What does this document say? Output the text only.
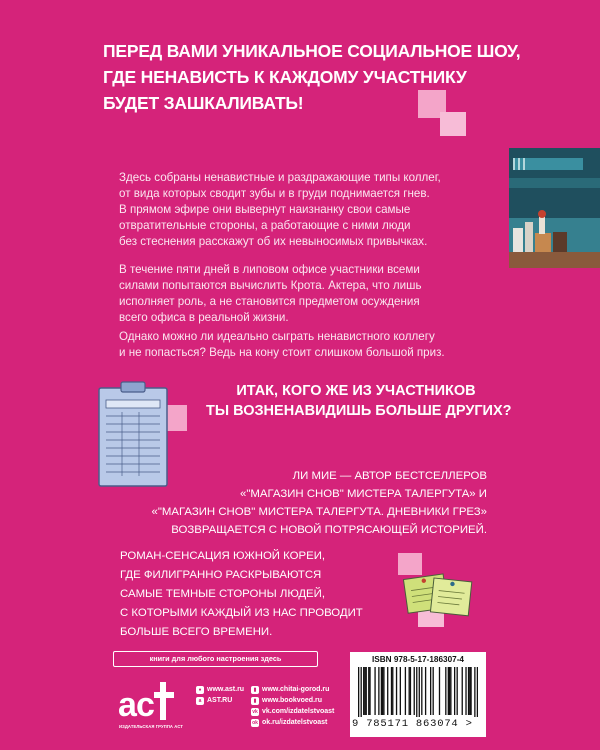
ПЕРЕД ВАМИ УНИКАЛЬНОЕ СОЦИАЛЬНОЕ ШОУ,
ГДЕ НЕНАВИСТЬ К КАЖДОМУ УЧАСТНИКУ
БУДЕТ ЗАШКАЛИВАТЬ!
Здесь собраны ненавистные и раздражающие типы коллег,
от вида которых сводит зубы и в груди поднимается гнев.
В прямом эфире они вывернут наизнанку свои самые
отвратительные стороны, а работающие с ними люди
без стеснения расскажут об их невыносимых привычках.
В течение пяти дней в липовом офисе участники всеми
силами попытаются вычислить Крота. Актера, что лишь
исполняет роль, а не становится предметом осуждения
всего офиса в реальной жизни.
Однако можно ли идеально сыграть ненавистного коллегу
и не попасться? Ведь на кону стоит слишком большой приз.
ИТАК, КОГО ЖЕ ИЗ УЧАСТНИКОВ
ТЫ ВОЗНЕНАВИДИШЬ БОЛЬШЕ ДРУГИХ?
ЛИ МИЕ — АВТОР БЕСТСЕЛЛЕРОВ
«"МАГАЗИН СНОВ" МИСТЕРА ТАЛЕРГУТА» И
«"МАГАЗИН СНОВ" МИСТЕРА ТАЛЕРГУТА. ДНЕВНИКИ ГРЕЗ»
ВОЗВРАЩАЕТСЯ С НОВОЙ ПОТРЯСАЮЩЕЙ ИСТОРИЕЙ.
РОМАН-СЕНСАЦИЯ ЮЖНОЙ КОРЕИ,
ГДЕ ФИЛИГРАННО РАСКРЫВАЮТСЯ
САМЫЕ ТЕМНЫЕ СТОРОНЫ ЛЮДЕЙ,
С КОТОРЫМИ КАЖДЫЙ ИЗ НАС ПРОВОДИТ
БОЛЬШЕ ВСЕГО ВРЕМЕНИ.
книги для любого настроения здесь
a c
ИЗДАТЕЛЬСКАЯ ГРУППА АСТ
● www.ast.ru
a AST.RU
▮ www.chitai-gorod.ru
▮ www.bookvoed.ru
vk vk.com/izdatelstvoast
ok ok.ru/izdatelstvoast
ISBN 978-5-17-186307-4
9 785171 863074 >
